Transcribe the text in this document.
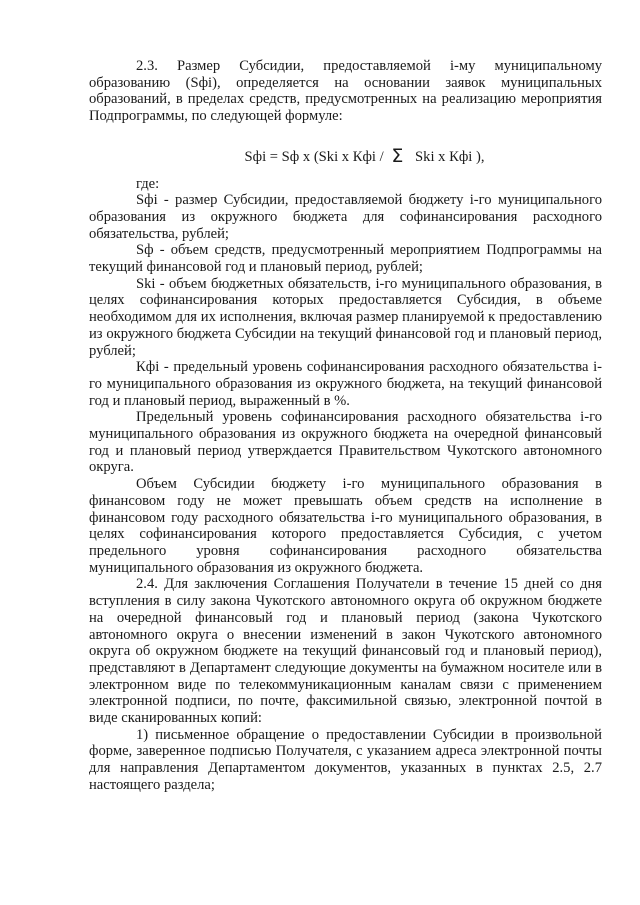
2.3. Размер Субсидии, предоставляемой i-му муниципальному образованию (Sфi), определяется на основании заявок муниципальных образований, в пределах средств, предусмотренных на реализацию мероприятия Подпрограммы, по следующей формуле:

Sфi = Sф x (Ski x Кфi / Σ Ski x Кфi ),

где:

Sфi - размер Субсидии, предоставляемой бюджету i-го муниципального образования из окружного бюджета для софинансирования расходного обязательства, рублей;

Sф - объем средств, предусмотренный мероприятием Подпрограммы на текущий финансовой год и плановый период, рублей;

Ski - объем бюджетных обязательств, i-го муниципального образования, в целях софинансирования которых предоставляется Субсидия, в объеме необходимом для их исполнения, включая размер планируемой к предоставлению из окружного бюджета Субсидии на текущий финансовой год и плановый период, рублей;

Кфi - предельный уровень софинансирования расходного обязательства i-го муниципального образования из окружного бюджета, на текущий финансовой год и плановый период, выраженный в %.

Предельный уровень софинансирования расходного обязательства i-го муниципального образования из окружного бюджета на очередной финансовый год и плановый период утверждается Правительством Чукотского автономного округа.

Объем Субсидии бюджету i-го муниципального образования в финансовом году не может превышать объем средств на исполнение в финансовом году расходного обязательства i-го муниципального образования, в целях софинансирования которого предоставляется Субсидия, с учетом предельного уровня софинансирования расходного обязательства муниципального образования из окружного бюджета.

2.4. Для заключения Соглашения Получатели в течение 15 дней со дня вступления в силу закона Чукотского автономного округа об окружном бюджете на очередной финансовый год и плановый период (закона Чукотского автономного округа о внесении изменений в закон Чукотского автономного округа об окружном бюджете на текущий финансовый год и плановый период), представляют в Департамент следующие документы на бумажном носителе или в электронном виде по телекоммуникационным каналам связи с применением электронной подписи, по почте, факсимильной связью, электронной почтой в виде сканированных копий:

1) письменное обращение о предоставлении Субсидии в произвольной форме, заверенное подписью Получателя, с указанием адреса электронной почты для направления Департаментом документов, указанных в пунктах 2.5, 2.7 настоящего раздела;
